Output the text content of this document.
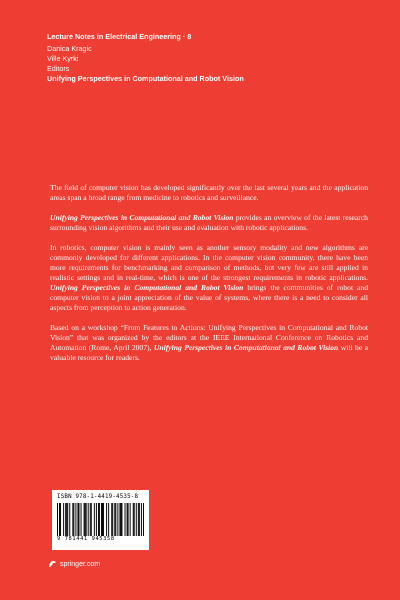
Lecture Notes in Electrical Engineering · 8
Danica Kragic
Ville Kyrki
Editors
Unifying Perspectives in Computational and Robot Vision

The field of computer vision has developed significantly over the last several years and the application areas span a broad range from medicine to robotics and surveillance.

Unifying Perspectives in Computational and Robot Vision provides an overview of the latest research surrounding vision algorithms and their use and evaluation with robotic applications.

In robotics, computer vision is mainly seen as another sensory modality and new algorithms are commonly developed for different applications. In the computer vision community, there have been more requirements for benchmarking and comparison of methods, but very few are still applied in realistic settings and in real-time, which is one of the strongest requirements in robotic applications. Unifying Perspectives in Computational and Robot Vision brings the communities of robot and computer vision to a joint appreciation of the value of systems, where there is a need to consider all aspects from perception to action generation.

Based on a workshop “From Features to Actions: Unifying Perspectives in Computational and Robot Vision” that was organized by the editors at the IEEE International Conference on Robotics and Automation (Rome, April 2007), Unifying Perspectives in Computational and Robot Vision will be a valuable resource for readers.

ISBN 978-1-4419-4535-8
9 781441 945358
springer.com
